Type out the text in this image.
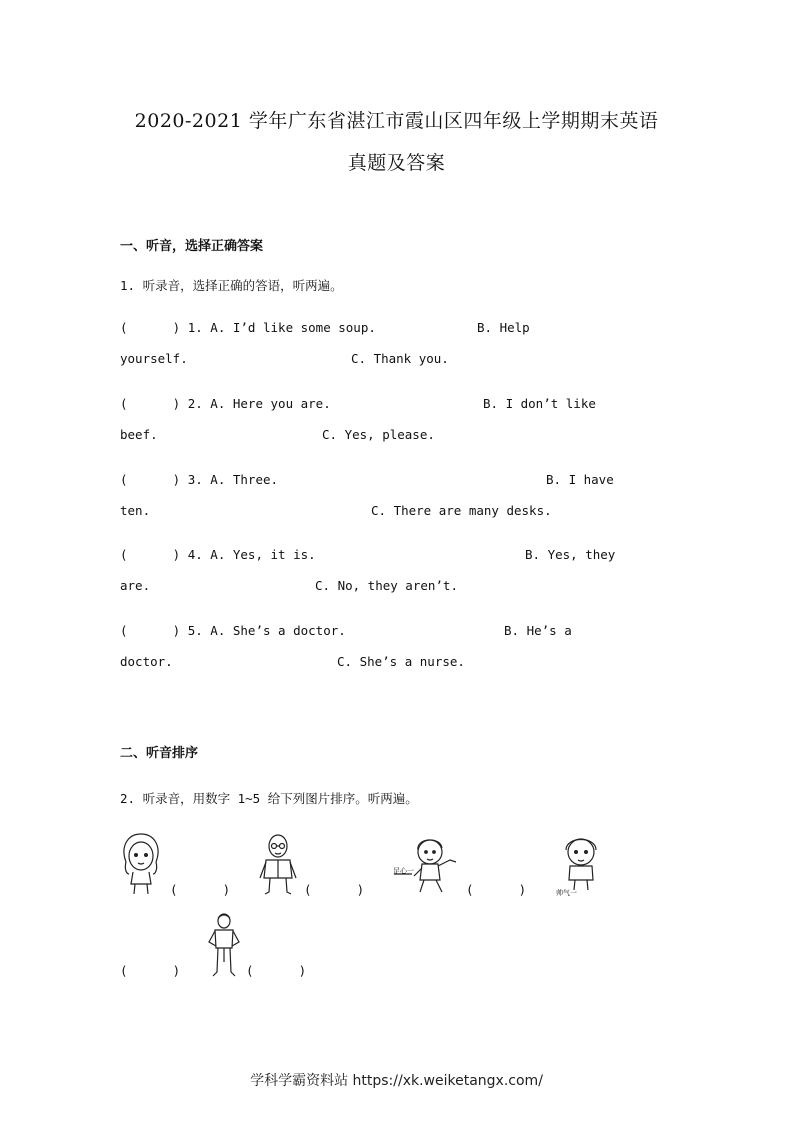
2020-2021 学年广东省湛江市霞山区四年级上学期期末英语
真题及答案
一、听音，选择正确答案
1. 听录音，选择正确的答语，听两遍。
(      ) 1. A. I’d like some soup.	B. Help
yourself.	C. Thank you.
(      ) 2. A. Here you are.	B. I don’t like
beef.	C. Yes, please.
(      ) 3. A. Three.	B. I have
ten.	C. There are many desks.
(      ) 4. A. Yes, it is.	B. Yes, they
are.	C. No, they aren’t.
(      ) 5. A. She’s a doctor.	B. He’s a
doctor.	C. She’s a nurse.
二、听音排序
2. 听录音，用数字 1~5 给下列图片排序。听两遍。
(      )	(      )
足心一
(      )	帅气一
(      )	(      )
学科学霸资料站 https://xk.weiketangx.com/
